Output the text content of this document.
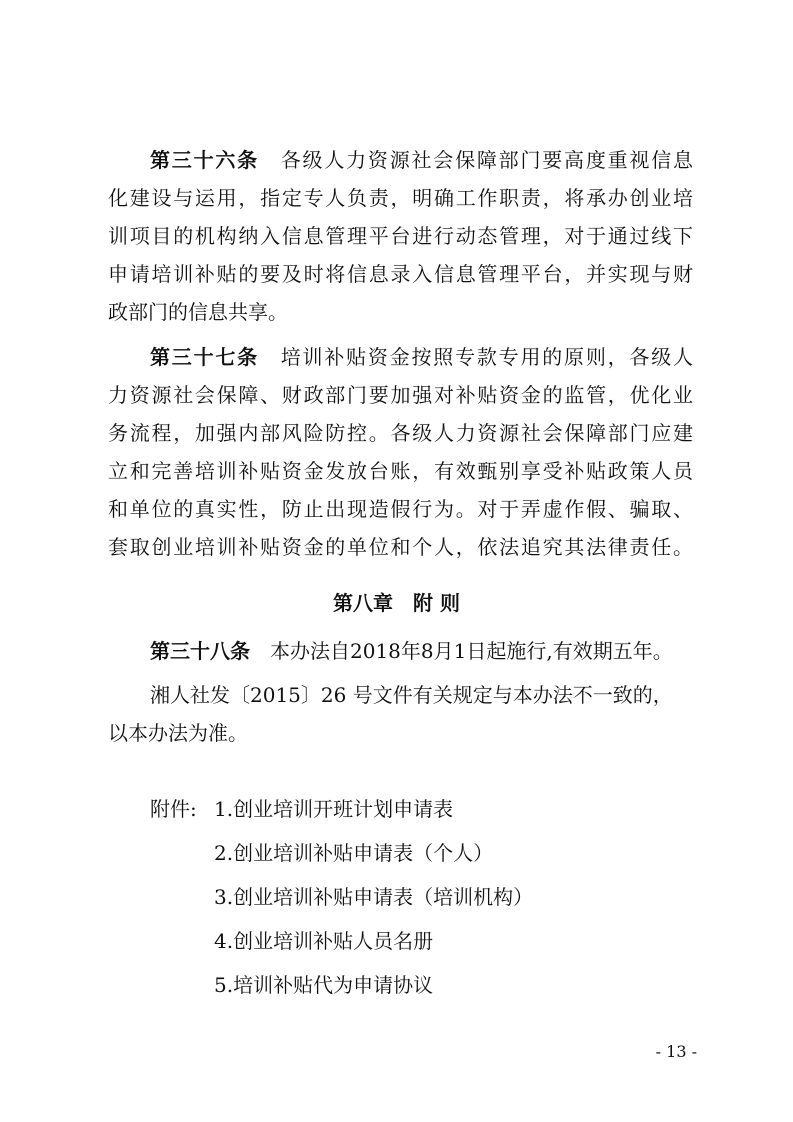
第三十六条　 各级人力资源社会保障部门要高度重视信息
化建设与运用，指定专人负责，明确工作职责，将承办创业培
训项目的机构纳入信息管理平台进行动态管理，对于通过线下
申请培训补贴的要及时将信息录入信息管理平台，并实现与财
政部门的信息共享。
第三十七条　 培训补贴资金按照专款专用的原则，各级人
力资源社会保障、财政部门要加强对补贴资金的监管，优化业
务流程，加强内部风险防控。各级人力资源社会保障部门应建
立和完善培训补贴资金发放台账，有效甄别享受补贴政策人员
和单位的真实性，防止出现造假行为。对于弄虚作假、骗取、
套取创业培训补贴资金的单位和个人，依法追究其法律责任。
第八章　附 则
第三十八条　 本办法自2018年8月1日起施行,有效期五年。
湘人社发〔2015〕26 号文件有关规定与本办法不一致的，
以本办法为准。
附件: 1.创业培训开班计划申请表
2.创业培训补贴申请表（个人）
3.创业培训补贴申请表（培训机构）
4.创业培训补贴人员名册
5.培训补贴代为申请协议
- 13 -
